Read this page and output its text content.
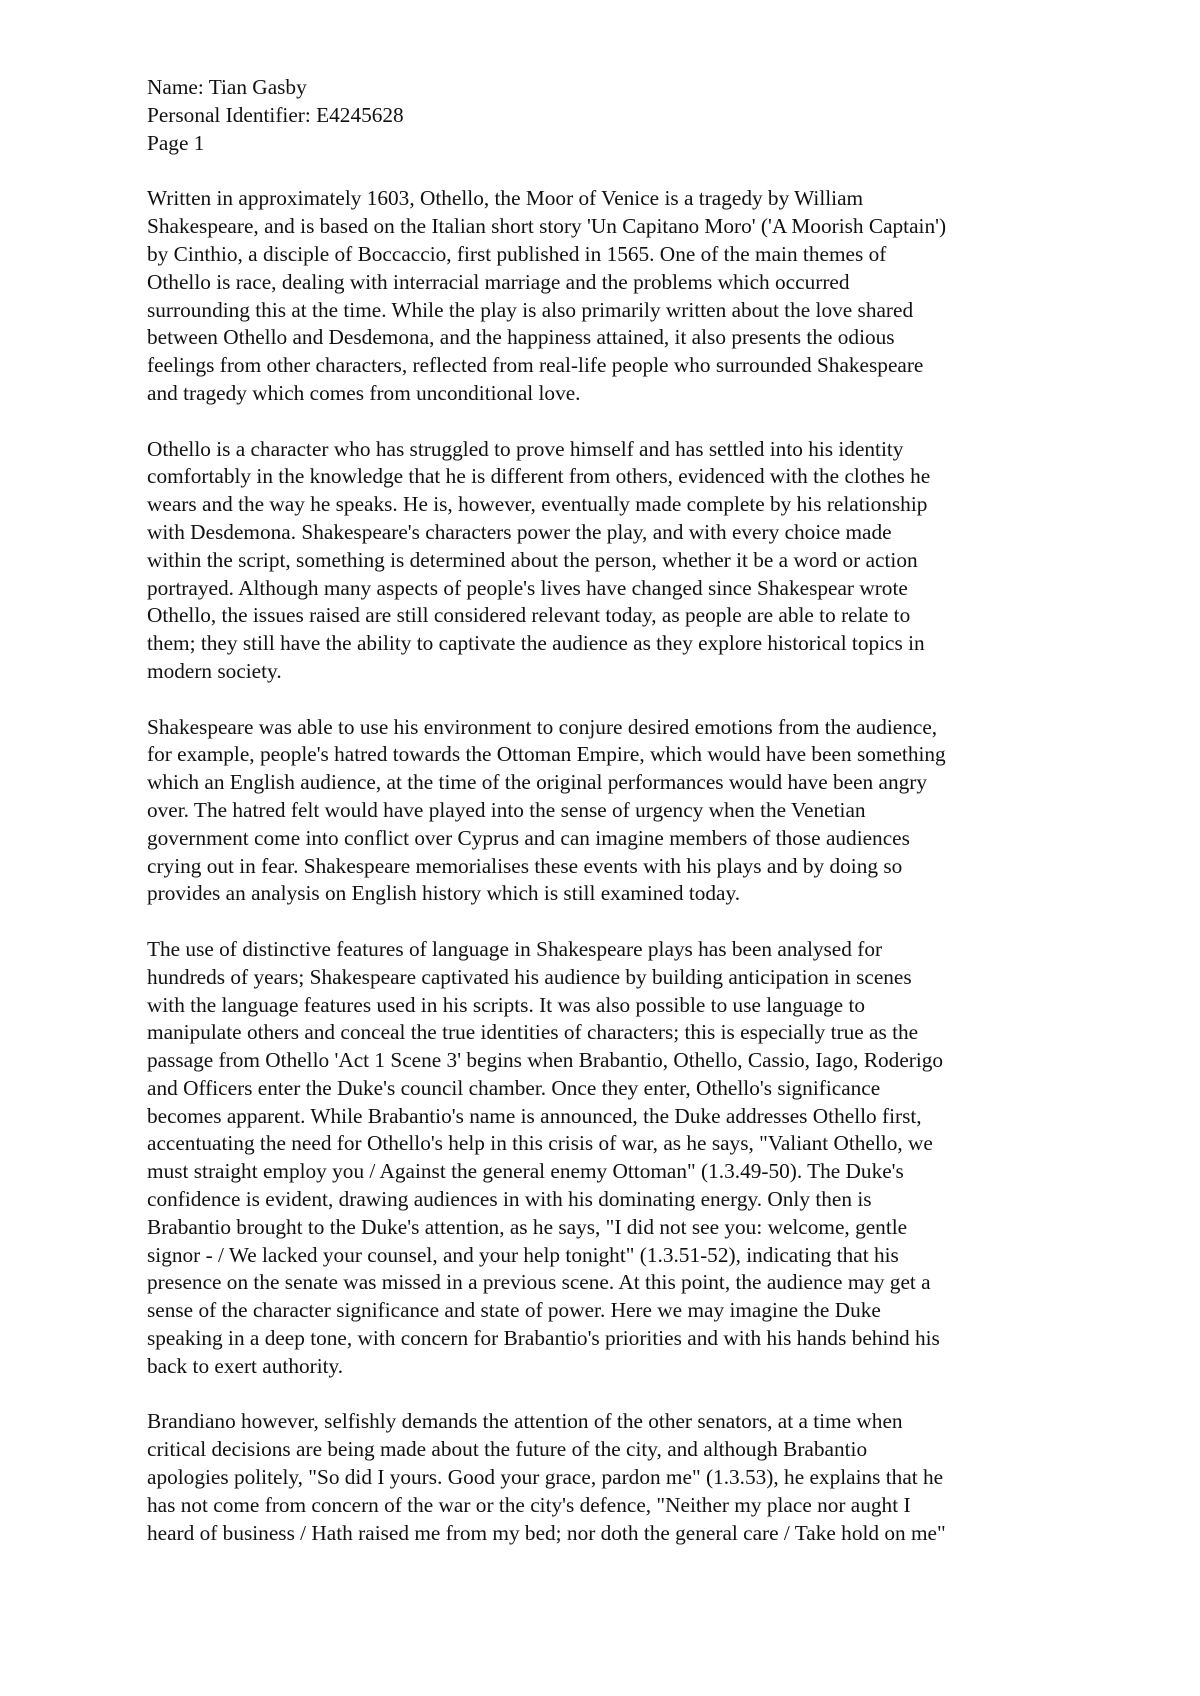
Name: Tian Gasby
Personal Identifier: E4245628
Page 1

Written in approximately 1603, Othello, the Moor of Venice is a tragedy by William
Shakespeare, and is based on the Italian short story 'Un Capitano Moro' ('A Moorish Captain')
by Cinthio, a disciple of Boccaccio, first published in 1565. One of the main themes of
Othello is race, dealing with interracial marriage and the problems which occurred
surrounding this at the time. While the play is also primarily written about the love shared
between Othello and Desdemona, and the happiness attained, it also presents the odious
feelings from other characters, reflected from real-life people who surrounded Shakespeare
and tragedy which comes from unconditional love.

Othello is a character who has struggled to prove himself and has settled into his identity
comfortably in the knowledge that he is different from others, evidenced with the clothes he
wears and the way he speaks. He is, however, eventually made complete by his relationship
with Desdemona. Shakespeare's characters power the play, and with every choice made
within the script, something is determined about the person, whether it be a word or action
portrayed. Although many aspects of people's lives have changed since Shakespear wrote
Othello, the issues raised are still considered relevant today, as people are able to relate to
them; they still have the ability to captivate the audience as they explore historical topics in
modern society.

Shakespeare was able to use his environment to conjure desired emotions from the audience,
for example, people's hatred towards the Ottoman Empire, which would have been something
which an English audience, at the time of the original performances would have been angry
over. The hatred felt would have played into the sense of urgency when the Venetian
government come into conflict over Cyprus and can imagine members of those audiences
crying out in fear. Shakespeare memorialises these events with his plays and by doing so
provides an analysis on English history which is still examined today.

The use of distinctive features of language in Shakespeare plays has been analysed for
hundreds of years; Shakespeare captivated his audience by building anticipation in scenes
with the language features used in his scripts. It was also possible to use language to
manipulate others and conceal the true identities of characters; this is especially true as the
passage from Othello 'Act 1 Scene 3' begins when Brabantio, Othello, Cassio, Iago, Roderigo
and Officers enter the Duke's council chamber. Once they enter, Othello's significance
becomes apparent. While Brabantio's name is announced, the Duke addresses Othello first,
accentuating the need for Othello's help in this crisis of war, as he says, "Valiant Othello, we
must straight employ you / Against the general enemy Ottoman" (1.3.49-50). The Duke's
confidence is evident, drawing audiences in with his dominating energy. Only then is
Brabantio brought to the Duke's attention, as he says, "I did not see you: welcome, gentle
signor - / We lacked your counsel, and your help tonight" (1.3.51-52), indicating that his
presence on the senate was missed in a previous scene. At this point, the audience may get a
sense of the character significance and state of power. Here we may imagine the Duke
speaking in a deep tone, with concern for Brabantio's priorities and with his hands behind his
back to exert authority.

Brandiano however, selfishly demands the attention of the other senators, at a time when
critical decisions are being made about the future of the city, and although Brabantio
apologies politely, "So did I yours. Good your grace, pardon me" (1.3.53), he explains that he
has not come from concern of the war or the city's defence, "Neither my place nor aught I
heard of business / Hath raised me from my bed; nor doth the general care / Take hold on me"
